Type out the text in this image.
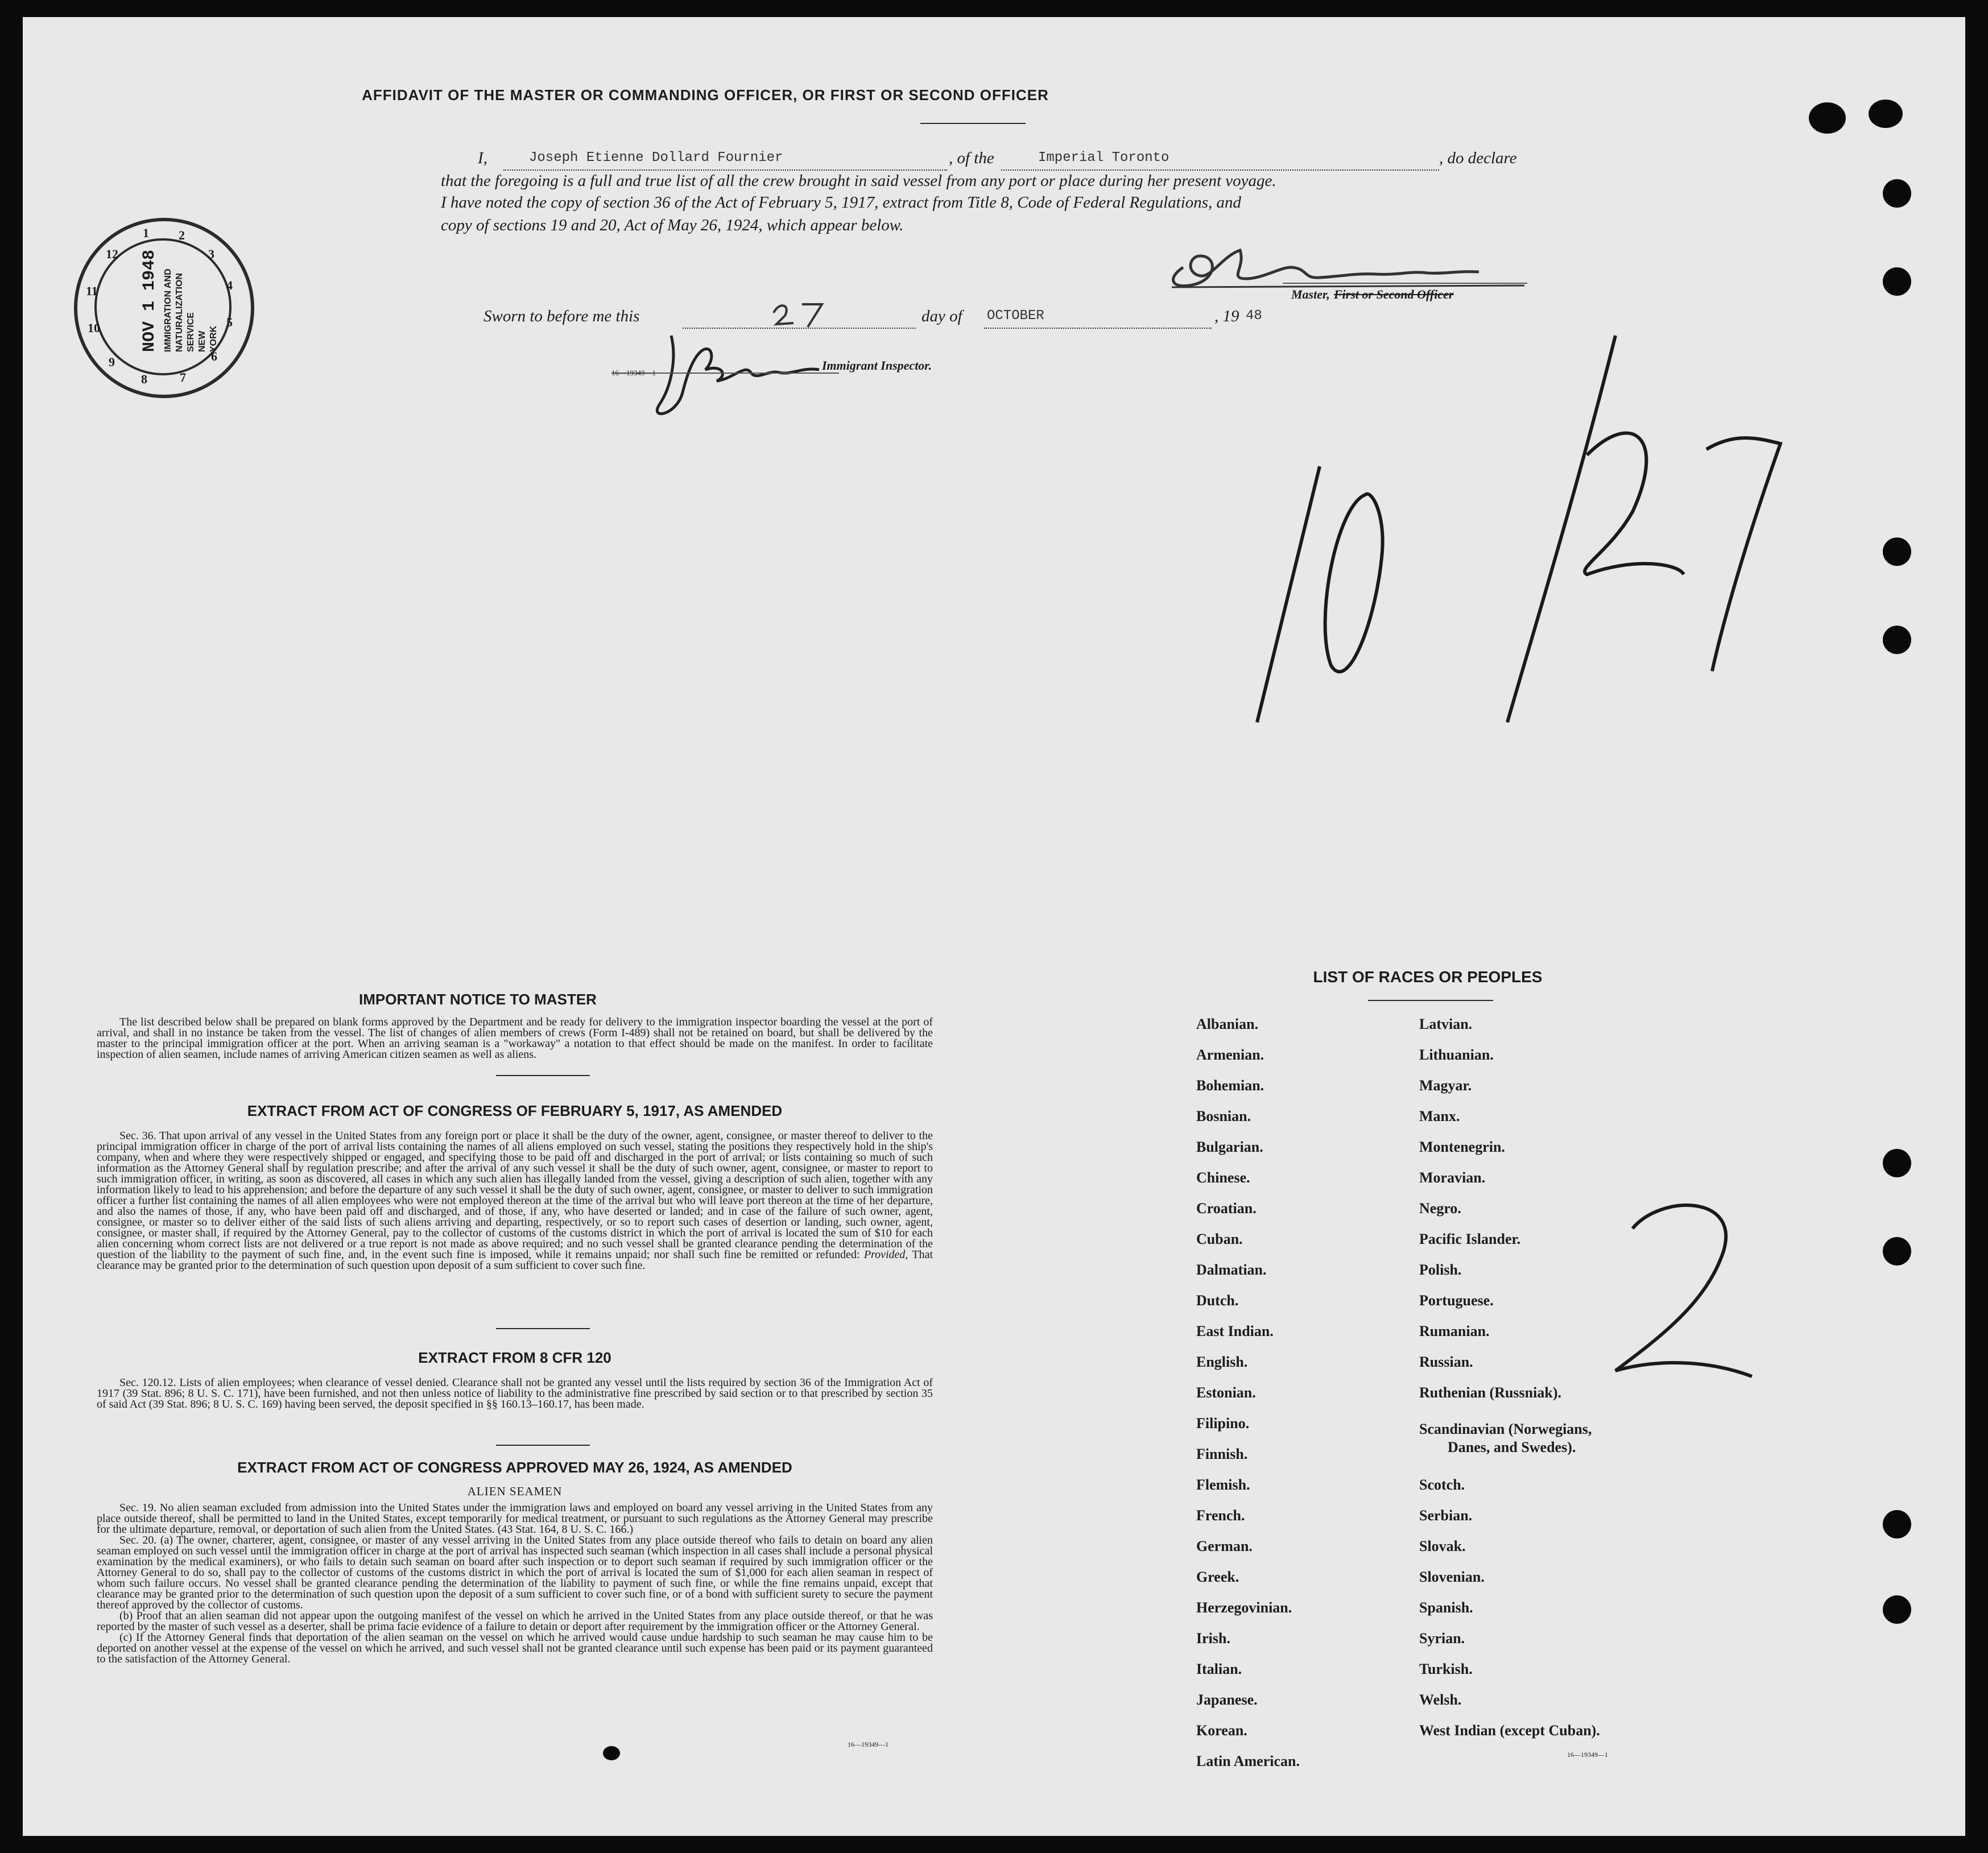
AFFIDAVIT OF THE MASTER OR COMMANDING OFFICER, OR FIRST OR SECOND OFFICER
I,	Joseph Etienne Dollard Fournier	, of the	Imperial Toronto	, do declare
that the foregoing is a full and true list of all the crew brought in said vessel from any port or place during her present voyage.
I have noted the copy of section 36 of the Act of February 5, 1917, extract from Title 8, Code of Federal Regulations, and
copy of sections 19 and 20, Act of May 26, 1924, which appear below.
Master, First or Second Officer
Sworn to before me this	day of OCTOBER	, 19 48
16—19349—1
Immigrant Inspector.
NOV 1 1948 IMMIGRATION AND NATURALIZATION SERVICE NEW YORK
1 2
3
4
5
6
7
8
9
10
11
12
IMPORTANT NOTICE TO MASTER
The list described below shall be prepared on blank forms approved by the Department and be ready for delivery to the immigration inspector boarding the vessel at the port of arrival, and shall in no instance be taken from the vessel. The list of changes of alien members of crews (Form I-489) shall not be retained on board, but shall be delivered by the master to the principal immigration officer at the port. When an arriving seaman is a "workaway" a notation to that effect should be made on the manifest. In order to facilitate inspection of alien seamen, include names of arriving American citizen seamen as well as aliens.
EXTRACT FROM ACT OF CONGRESS OF FEBRUARY 5, 1917, AS AMENDED
Sec. 36. That upon arrival of any vessel in the United States from any foreign port or place it shall be the duty of the owner, agent, consignee, or master thereof to deliver to the principal immigration officer in charge of the port of arrival lists containing the names of all aliens employed on such vessel, stating the positions they respectively hold in the ship's company, when and where they were respectively shipped or engaged, and specifying those to be paid off and discharged in the port of arrival; or lists containing so much of such information as the Attorney General shall by regulation prescribe; and after the arrival of any such vessel it shall be the duty of such owner, agent, consignee, or master to report to such immigration officer, in writing, as soon as discovered, all cases in which any such alien has illegally landed from the vessel, giving a description of such alien, together with any information likely to lead to his apprehension; and before the departure of any such vessel it shall be the duty of such owner, agent, consignee, or master to deliver to such immigration officer a further list containing the names of all alien employees who were not employed thereon at the time of the arrival but who will leave port thereon at the time of her departure, and also the names of those, if any, who have been paid off and discharged, and of those, if any, who have deserted or landed; and in case of the failure of such owner, agent, consignee, or master so to deliver either of the said lists of such aliens arriving and departing, respectively, or so to report such cases of desertion or landing, such owner, agent, consignee, or master shall, if required by the Attorney General, pay to the collector of customs of the customs district in which the port of arrival is located the sum of $10 for each alien concerning whom correct lists are not delivered or a true report is not made as above required; and no such vessel shall be granted clearance pending the determination of the question of the liability to the payment of such fine, and, in the event such fine is imposed, while it remains unpaid; nor shall such fine be remitted or refunded: Provided, That clearance may be granted prior to the determination of such question upon deposit of a sum sufficient to cover such fine.
EXTRACT FROM 8 CFR 120
Sec. 120.12. Lists of alien employees; when clearance of vessel denied. Clearance shall not be granted any vessel until the lists required by section 36 of the Immigration Act of 1917 (39 Stat. 896; 8 U. S. C. 171), have been furnished, and not then unless notice of liability to the administrative fine prescribed by said section or to that prescribed by section 35 of said Act (39 Stat. 896; 8 U. S. C. 169) having been served, the deposit specified in §§ 160.13–160.17, has been made.
EXTRACT FROM ACT OF CONGRESS APPROVED MAY 26, 1924, AS AMENDED
ALIEN SEAMEN
Sec. 19. No alien seaman excluded from admission into the United States under the immigration laws and employed on board any vessel arriving in the United States from any place outside thereof, shall be permitted to land in the United States, except temporarily for medical treatment, or pursuant to such regulations as the Attorney General may prescribe for the ultimate departure, removal, or deportation of such alien from the United States. (43 Stat. 164, 8 U. S. C. 166.)
Sec. 20. (a) The owner, charterer, agent, consignee, or master of any vessel arriving in the United States from any place outside thereof who fails to detain on board any alien seaman employed on such vessel until the immigration officer in charge at the port of arrival has inspected such seaman (which inspection in all cases shall include a personal physical examination by the medical examiners), or who fails to detain such seaman on board after such inspection or to deport such seaman if required by such immigration officer or the Attorney General to do so, shall pay to the collector of customs of the customs district in which the port of arrival is located the sum of $1,000 for each alien seaman in respect of whom such failure occurs. No vessel shall be granted clearance pending the determination of the liability to payment of such fine, or while the fine remains unpaid, except that clearance may be granted prior to the determination of such question upon the deposit of a sum sufficient to cover such fine, or of a bond with sufficient surety to secure the payment thereof approved by the collector of customs.
(b) Proof that an alien seaman did not appear upon the outgoing manifest of the vessel on which he arrived in the United States from any place outside thereof, or that he was reported by the master of such vessel as a deserter, shall be prima facie evidence of a failure to detain or deport after requirement by the immigration officer or the Attorney General.
(c) If the Attorney General finds that deportation of the alien seaman on the vessel on which he arrived would cause undue hardship to such seaman he may cause him to be deported on another vessel at the expense of the vessel on which he arrived, and such vessel shall not be granted clearance until such expense has been paid or its payment guaranteed to the satisfaction of the Attorney General.
16—19349—1
LIST OF RACES OR PEOPLES
Albanian.
Armenian.
Bohemian.
Bosnian.
Bulgarian.
Chinese.
Croatian.
Cuban.
Dalmatian.
Dutch.
East Indian.
English.
Estonian.
Filipino.
Finnish.
Flemish.
French.
German.
Greek.
Herzegovinian.
Irish.
Italian.
Japanese.
Korean.
Latin American.
Latvian.
Lithuanian.
Magyar.
Manx.
Montenegrin.
Moravian.
Negro.
Pacific Islander.
Polish.
Portuguese.
Rumanian.
Russian.
Ruthenian (Russniak).
Scandinavian (Norwegians,
Danes, and Swedes).
Scotch.
Serbian.
Slovak.
Slovenian.
Spanish.
Syrian.
Turkish.
Welsh.
West Indian (except Cuban).
16—19349—1
